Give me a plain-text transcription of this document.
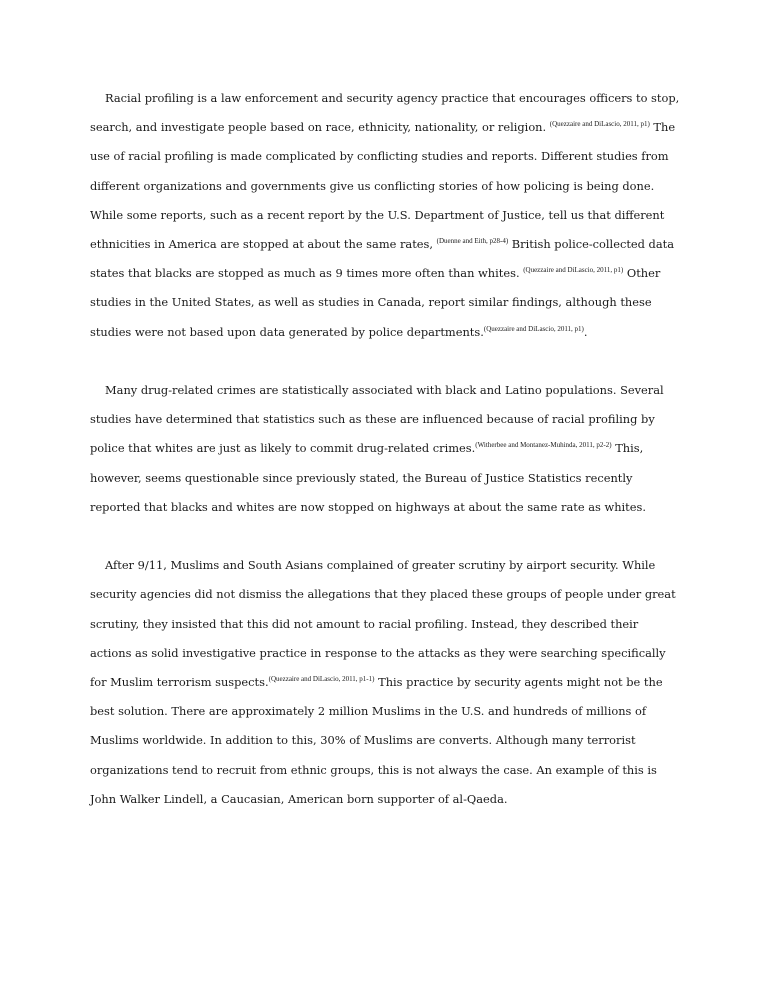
Racial profiling is a law enforcement and security agency practice that encourages officers to stop, search, and investigate people based on race, ethnicity, nationality, or religion. $^{(Quezzaire and DiLascio, 2011, p1)}$ The use of racial profiling is made complicated by conflicting studies and reports. Different studies from different organizations and governments give us conflicting stories of how policing is being done. While some reports, such as a recent report by the U.S. Department of Justice, tell us that different ethnicities in America are stopped at about the same rates, $^{(Duenne and Eith, p28-4)}$ British police-collected data states that blacks are stopped as much as 9 times more often than whites. $^{(Quezzaire and DiLascio, 2011, p1)}$ Other studies in the United States, as well as studies in Canada, report similar findings, although these studies were not based upon data generated by police departments.$^{(Quezzaire and DiLascio, 2011, p1)}$.

Many drug-related crimes are statistically associated with black and Latino populations. Several studies have determined that statistics such as these are influenced because of racial profiling by police that whites are just as likely to commit drug-related crimes.$^{(Witherbee and Montanez-Muhinda, 2011, p2-2)}$ This, however, seems questionable since previously stated, the Bureau of Justice Statistics recently reported that blacks and whites are now stopped on highways at about the same rate as whites.

After 9/11, Muslims and South Asians complained of greater scrutiny by airport security. While security agencies did not dismiss the allegations that they placed these groups of people under great scrutiny, they insisted that this did not amount to racial profiling. Instead, they described their actions as solid investigative practice in response to the attacks as they were searching specifically for Muslim terrorism suspects.$^{(Quezzaire and DiLascio, 2011, p1-1)}$ This practice by security agents might not be the best solution. There are approximately 2 million Muslims in the U.S. and hundreds of millions of Muslims worldwide. In addition to this, 30% of Muslims are converts. Although many terrorist organizations tend to recruit from ethnic groups, this is not always the case. An example of this is John Walker Lindell, a Caucasian, American born supporter of al-Qaeda.
